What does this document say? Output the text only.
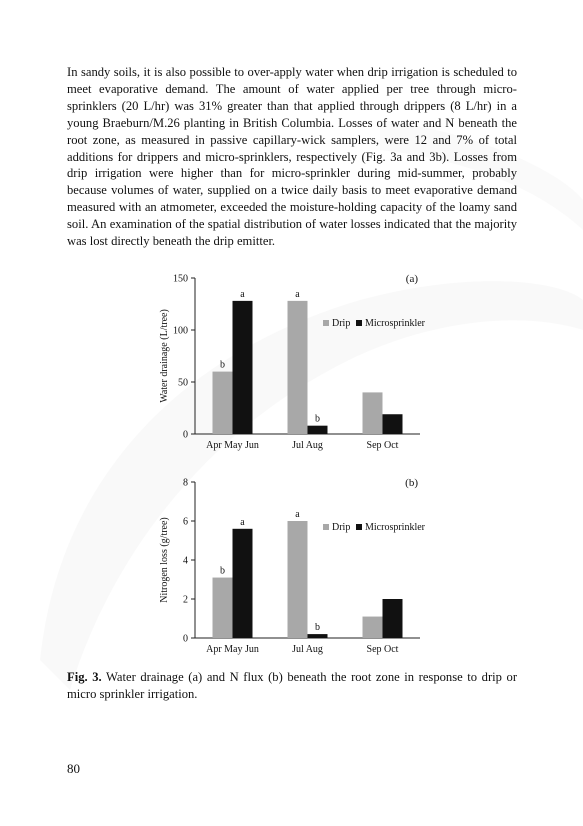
In sandy soils, it is also possible to over-apply water when drip irrigation is scheduled to meet evaporative demand. The amount of water applied per tree through micro-sprinklers (20 L/hr) was 31% greater than that applied through drippers (8 L/hr) in a young Braeburn/M.26 planting in British Columbia. Losses of water and N beneath the root zone, as measured in passive capillary-wick samplers, were 12 and 7% of total additions for drippers and micro-sprinklers, respectively (Fig. 3a and 3b). Losses from drip irrigation were higher than for micro-sprinkler during mid-summer, probably because volumes of water, supplied on a twice daily basis to meet evaporative demand measured with an atmometer, exceeded the moisture-holding capacity of the loamy sand soil. An examination of the spatial distribution of water losses indicated that the majority was lost directly beneath the drip emitter.

0
50
100
150
Water drainage (L/tree)	b
a
Apr May Jun
a
b
Jul Aug	Sep Oct
(a)
Drip Microsprinkler
0
2
4
6
8
Nitrogen loss (g/tree)	b
a
Apr May Jun
a
b
Jul Aug	Sep Oct
(b)
Drip Microsprinkler

Fig. 3. Water drainage (a) and N flux (b) beneath the root zone in response to drip or micro sprinkler irrigation.

80
